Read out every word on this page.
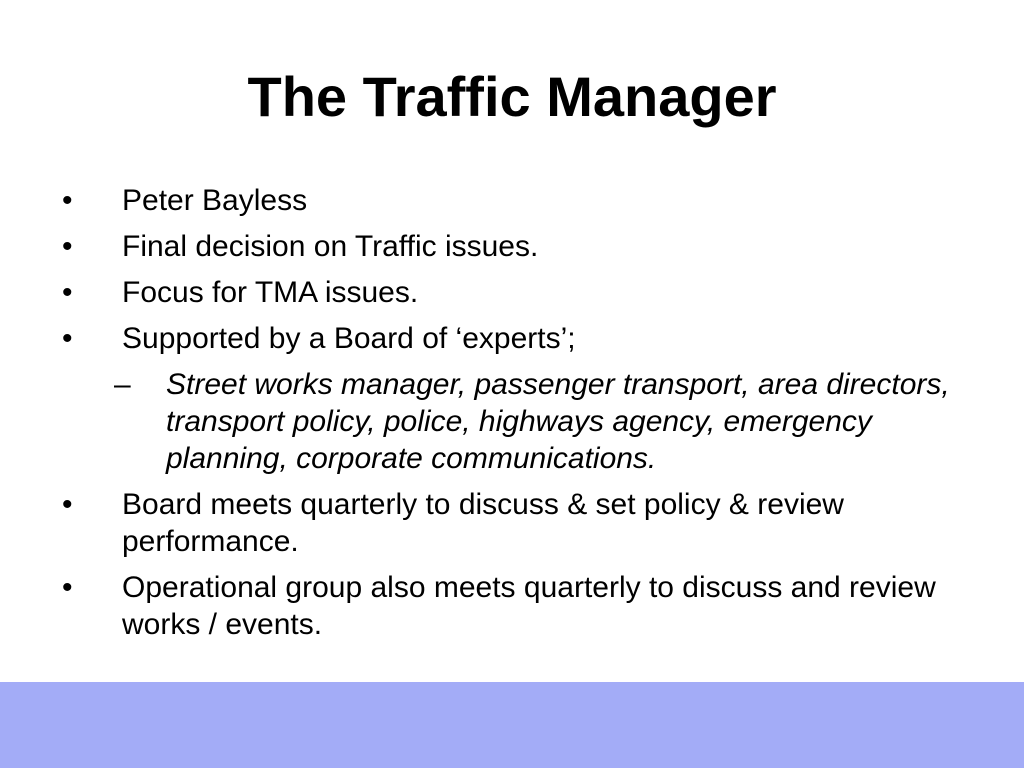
The Traffic Manager
• Peter Bayless
• Final decision on Traffic issues.
• Focus for TMA issues.
• Supported by a Board of ‘experts’;
– Street works manager, passenger transport, area directors, transport policy, police, highways agency, emergency planning, corporate communications.
• Board meets quarterly to discuss & set policy & review performance.
• Operational group also meets quarterly to discuss and review works / events.
